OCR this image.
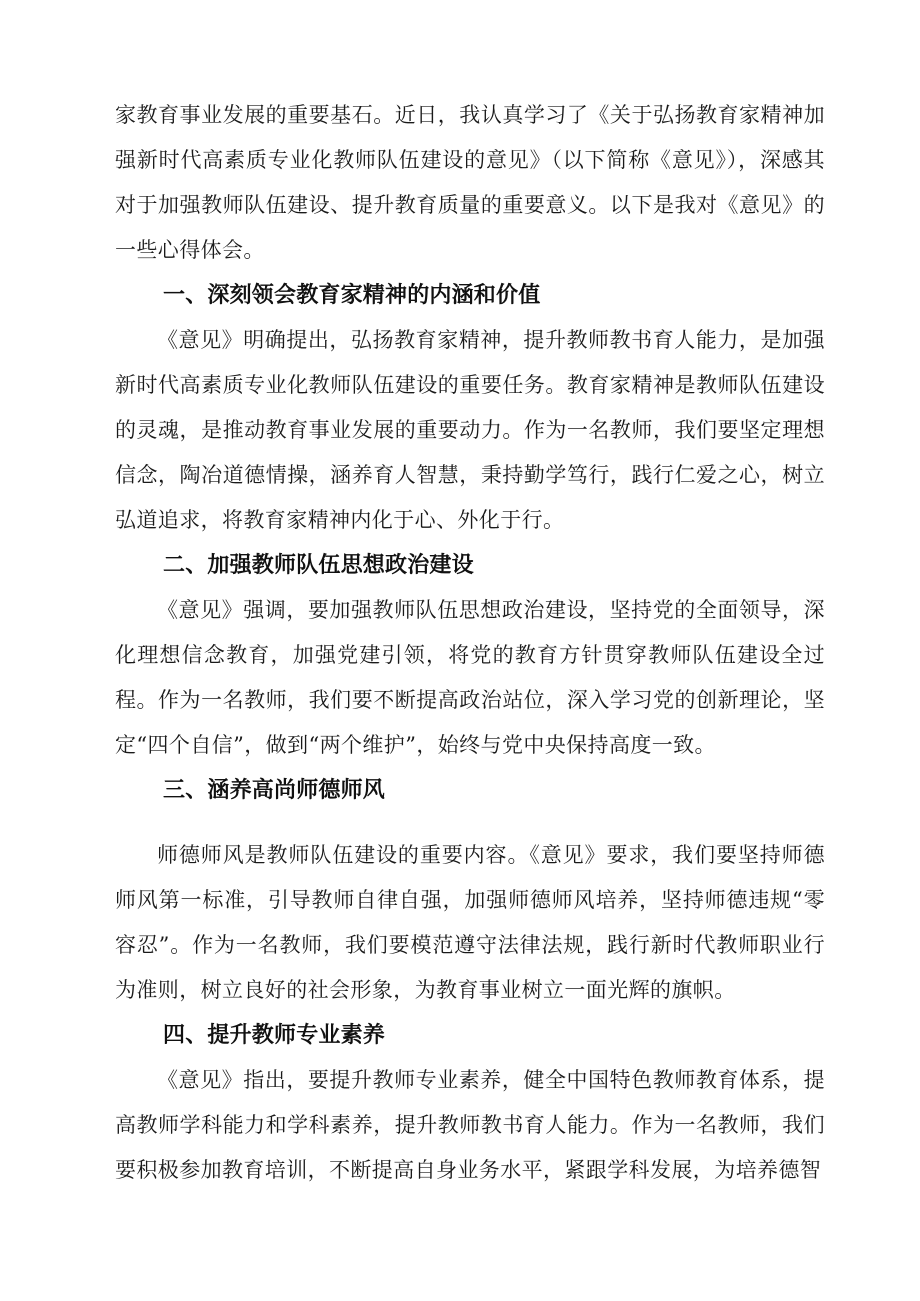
家教育事业发展的重要基石。近日，我认真学习了《关于弘扬教育家精神加强新时代高素质专业化教师队伍建设的意见》（以下简称《意见》），深感其对于加强教师队伍建设、提升教育质量的重要意义。以下是我对《意见》的一些心得体会。

一、深刻领会教育家精神的内涵和价值

《意见》明确提出，弘扬教育家精神，提升教师教书育人能力，是加强新时代高素质专业化教师队伍建设的重要任务。教育家精神是教师队伍建设的灵魂，是推动教育事业发展的重要动力。作为一名教师，我们要坚定理想信念，陶冶道德情操，涵养育人智慧，秉持勤学笃行，践行仁爱之心，树立弘道追求，将教育家精神内化于心、外化于行。

二、加强教师队伍思想政治建设

《意见》强调，要加强教师队伍思想政治建设，坚持党的全面领导，深化理想信念教育，加强党建引领，将党的教育方针贯穿教师队伍建设全过程。作为一名教师，我们要不断提高政治站位，深入学习党的创新理论，坚定“四个自信”，做到“两个维护”，始终与党中央保持高度一致。

三、涵养高尚师德师风

师德师风是教师队伍建设的重要内容。《意见》要求，我们要坚持师德师风第一标准，引导教师自律自强，加强师德师风培养，坚持师德违规“零容忍”。作为一名教师，我们要模范遵守法律法规，践行新时代教师职业行为准则，树立良好的社会形象，为教育事业树立一面光辉的旗帜。

四、提升教师专业素养

《意见》指出，要提升教师专业素养，健全中国特色教师教育体系，提高教师学科能力和学科素养，提升教师教书育人能力。作为一名教师，我们要积极参加教育培训，不断提高自身业务水平，紧跟学科发展，为培养德智
